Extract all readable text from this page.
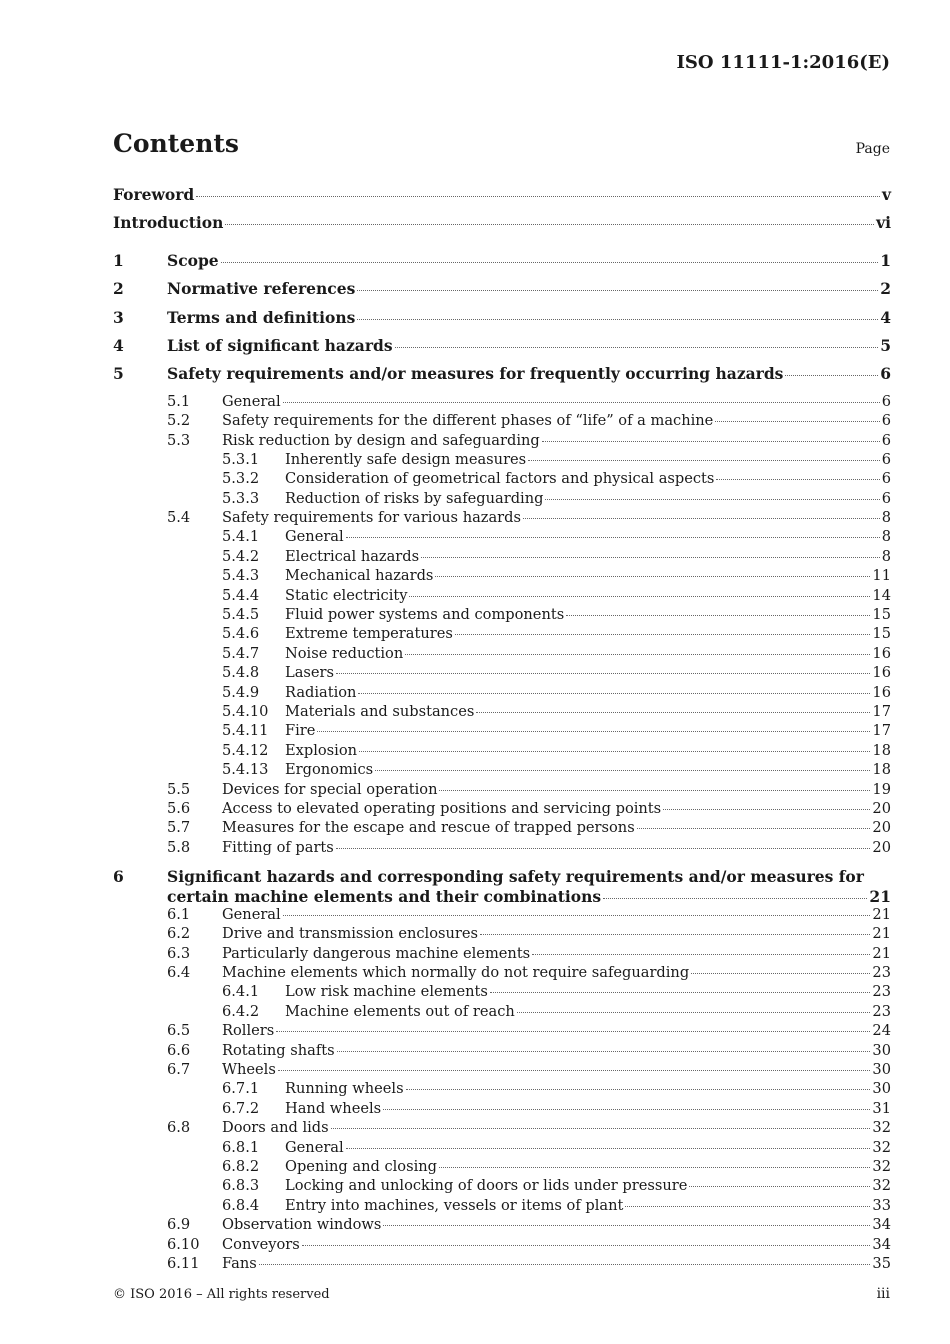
ISO 11111-1:2016(E)
Contents	Page
Foreword	v
Introduction	vi
1	Scope	1
2	Normative references	2
3	Terms and definitions	4
4	List of significant hazards	5
5	Safety requirements and/or measures for frequently occurring hazards	6
5.1 General	6
5.2 Safety requirements for the different phases of “life” of a machine	6
5.3 Risk reduction by design and safeguarding	6
5.3.1 Inherently safe design measures	6
5.3.2 Consideration of geometrical factors and physical aspects	6
5.3.3 Reduction of risks by safeguarding	6
5.4 Safety requirements for various hazards	8
5.4.1 General	8
5.4.2 Electrical hazards	8
5.4.3 Mechanical hazards	11
5.4.4 Static electricity	14
5.4.5 Fluid power systems and components	15
5.4.6 Extreme temperatures	15
5.4.7 Noise reduction	16
5.4.8 Lasers	16
5.4.9 Radiation	16
5.4.10 Materials and substances	17
5.4.11 Fire	17
5.4.12 Explosion	18
5.4.13 Ergonomics	18
5.5 Devices for special operation	19
5.6 Access to elevated operating positions and servicing points	20
5.7 Measures for the escape and rescue of trapped persons	20
5.8 Fitting of parts	20
6	Significant hazards and corresponding safety requirements and/or measures for
certain machine elements and their combinations	21
6.1 General	21
6.2 Drive and transmission enclosures	21
6.3 Particularly dangerous machine elements	21
6.4 Machine elements which normally do not require safeguarding	23
6.4.1 Low risk machine elements	23
6.4.2 Machine elements out of reach	23
6.5 Rollers	24
6.6 Rotating shafts	30
6.7 Wheels	30
6.7.1 Running wheels	30
6.7.2 Hand wheels	31
6.8 Doors and lids	32
6.8.1 General	32
6.8.2 Opening and closing	32
6.8.3 Locking and unlocking of doors or lids under pressure	32
6.8.4 Entry into machines, vessels or items of plant	33
6.9 Observation windows	34
6.10 Conveyors	34
6.11 Fans	35
© ISO 2016 – All rights reserved	iii
